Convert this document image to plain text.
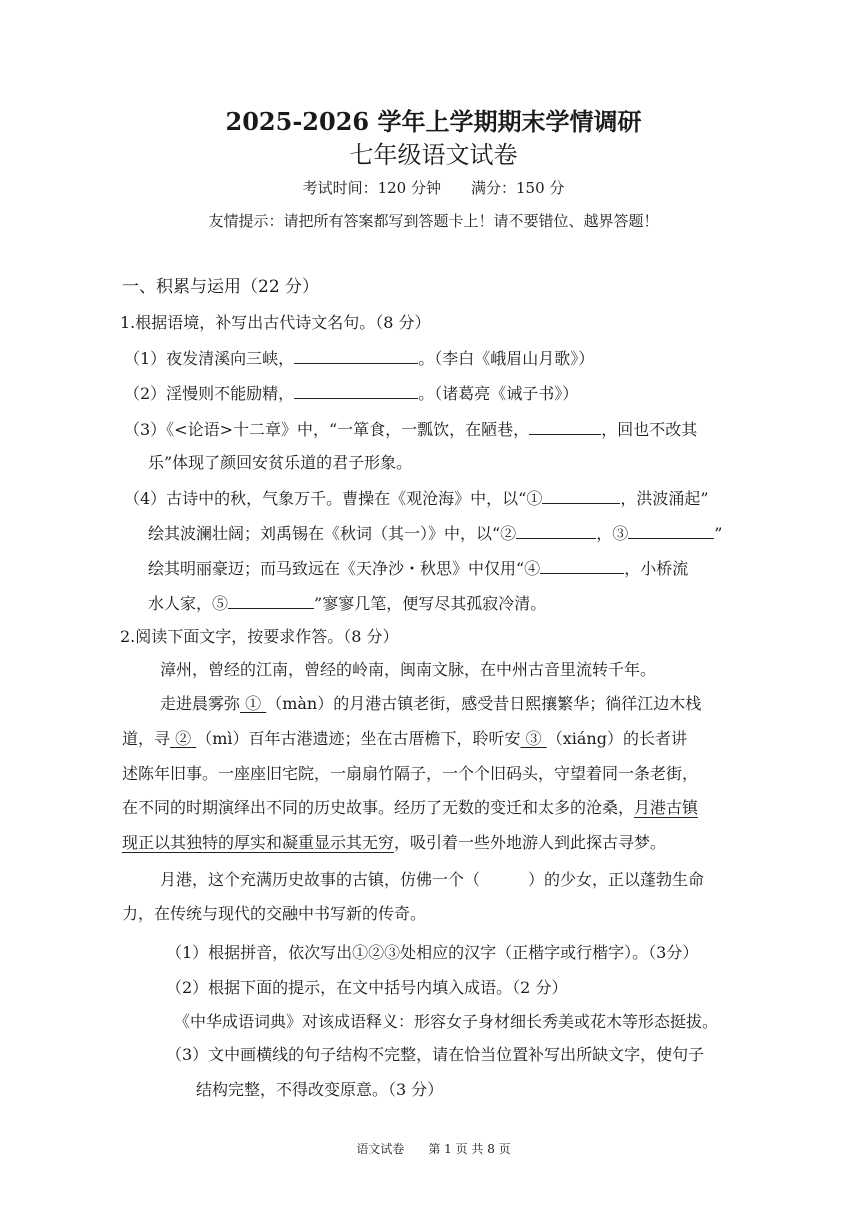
2025-2026 学年上学期期末学情调研
七年级语文试卷
考试时间：120 分钟　　满分：150 分
友情提示：请把所有答案都写到答题卡上！请不要错位、越界答题！
一、积累与运用（22 分）
1.根据语境，补写出古代诗文名句。（8 分）
（1）夜发清溪向三峡，	。（李白《峨眉山月歌》）
（2）淫慢则不能励精，	。（诸葛亮《诫子书》）
（3）《<论语>十二章》中，“一箪食，一瓢饮，在陋巷，	，回也不改其
乐”体现了颜回安贫乐道的君子形象。
（4）古诗中的秋，气象万千。曹操在《观沧海》中，以“①	，洪波涌起”
绘其波澜壮阔；刘禹锡在《秋词（其一）》中，以“②	，③	”
绘其明丽豪迈；而马致远在《天净沙・秋思》中仅用“④	，小桥流
水人家，⑤	”寥寥几笔，便写尽其孤寂冷清。
2.阅读下面文字，按要求作答。（8 分）
漳州，曾经的江南，曾经的岭南，闽南文脉，在中州古音里流转千年。
走进晨雾弥 ① （màn）的月港古镇老街，感受昔日熙攘繁华；徜徉江边木栈
道，寻 ② （mì）百年古港遗迹；坐在古厝檐下，聆听安 ③ （xiáng）的长者讲
述陈年旧事。一座座旧宅院，一扇扇竹隔子，一个个旧码头，守望着同一条老街，
在不同的时期演绎出不同的历史故事。经历了无数的变迁和太多的沧桑，月港古镇
现正以其独特的厚实和凝重显示其无穷，吸引着一些外地游人到此探古寻梦。
月港，这个充满历史故事的古镇，仿佛一个（	）的少女，正以蓬勃生命
力，在传统与现代的交融中书写新的传奇。
（1）根据拼音，依次写出①②③处相应的汉字（正楷字或行楷字）。（3分）
（2）根据下面的提示，在文中括号内填入成语。（2 分）
《中华成语词典》对该成语释义：形容女子身材细长秀美或花木等形态挺拔。
（3）文中画横线的句子结构不完整，请在恰当位置补写出所缺文字，使句子
结构完整，不得改变原意。（3 分）
语文试卷　　第 1 页 共 8 页
